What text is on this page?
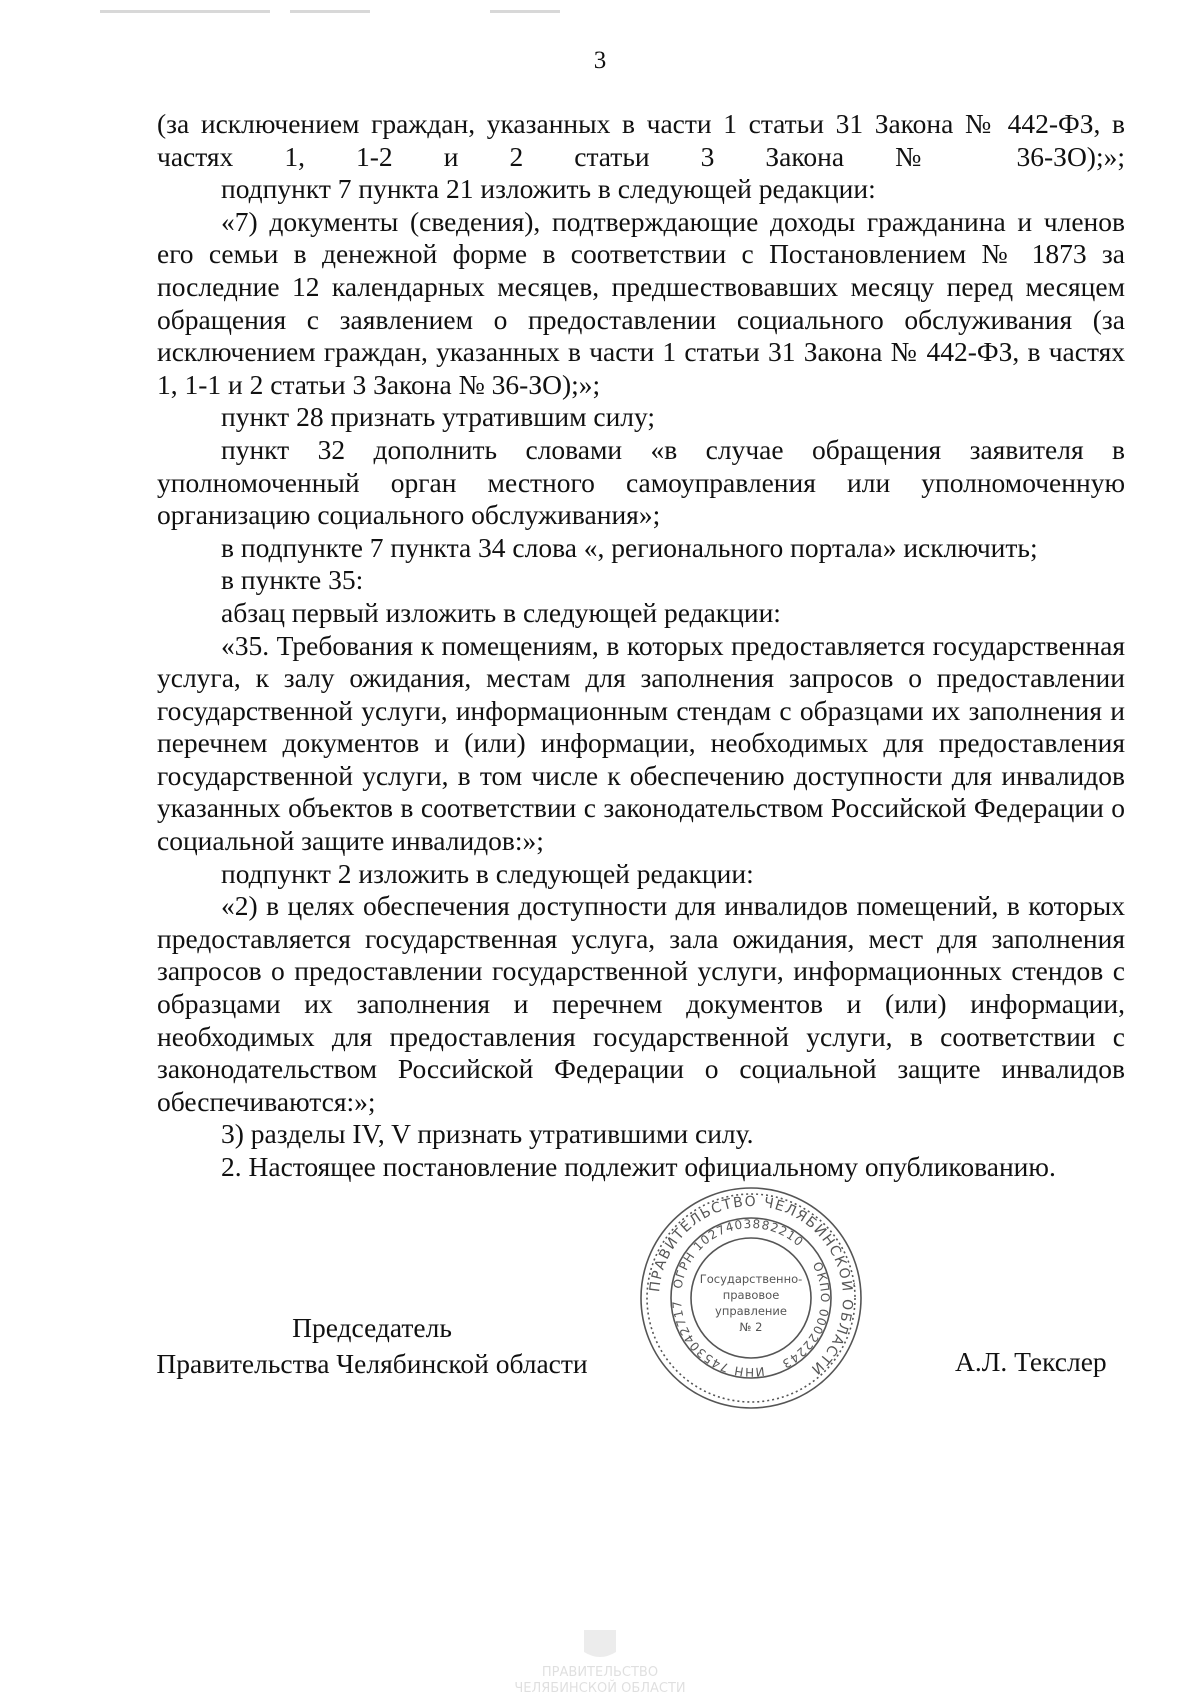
3

(за исключением граждан, указанных в части 1 статьи 31 Закона № 442-ФЗ, в частях 1, 1-2 и 2 статьи 3 Закона № 36-ЗО);»;

подпункт 7 пункта 21 изложить в следующей редакции:

«7) документы (сведения), подтверждающие доходы гражданина и членов его семьи в денежной форме в соответствии с Постановлением № 1873 за последние 12 календарных месяцев, предшествовавших месяцу перед месяцем обращения с заявлением о предоставлении социального обслуживания (за исключением граждан, указанных в части 1 статьи 31 Закона № 442-ФЗ, в частях 1, 1-1 и 2 статьи 3 Закона № 36-ЗО);»;

пункт 28 признать утратившим силу;

пункт 32 дополнить словами «в случае обращения заявителя в уполномоченный орган местного самоуправления или уполномоченную организацию социального обслуживания»;

в подпункте 7 пункта 34 слова «, регионального портала» исключить;

в пункте 35:

абзац первый изложить в следующей редакции:

«35. Требования к помещениям, в которых предоставляется государственная услуга, к залу ожидания, местам для заполнения запросов о предоставлении государственной услуги, информационным стендам с образцами их заполнения и перечнем документов и (или) информации, необходимых для предоставления государственной услуги, в том числе к обеспечению доступности для инвалидов указанных объектов в соответствии с законодательством Российской Федерации о социальной защите инвалидов:»;

подпункт 2 изложить в следующей редакции:

«2) в целях обеспечения доступности для инвалидов помещений, в которых предоставляется государственная услуга, зала ожидания, мест для заполнения запросов о предоставлении государственной услуги, информационных стендов с образцами их заполнения и перечнем документов и (или) информации, необходимых для предоставления государственной услуги, в соответствии с законодательством Российской Федерации о социальной защите инвалидов обеспечиваются:»;

3) разделы IV, V признать утратившими силу.

2. Настоящее постановление подлежит официальному опубликованию.

ПРАВИТЕЛЬСТВО ЧЕЛЯБИНСКОЙ ОБЛАСТИ
ОГРН 1027403882210
ОКПО 00022243
ИНН 7453042717
Государственно-
правовое
управление
№ 2
Председатель
Правительства Челябинской области	А.Л. Текслер
ПРАВИТЕЛЬСТВО
ЧЕЛЯБИНСКОЙ ОБЛАСТИ
